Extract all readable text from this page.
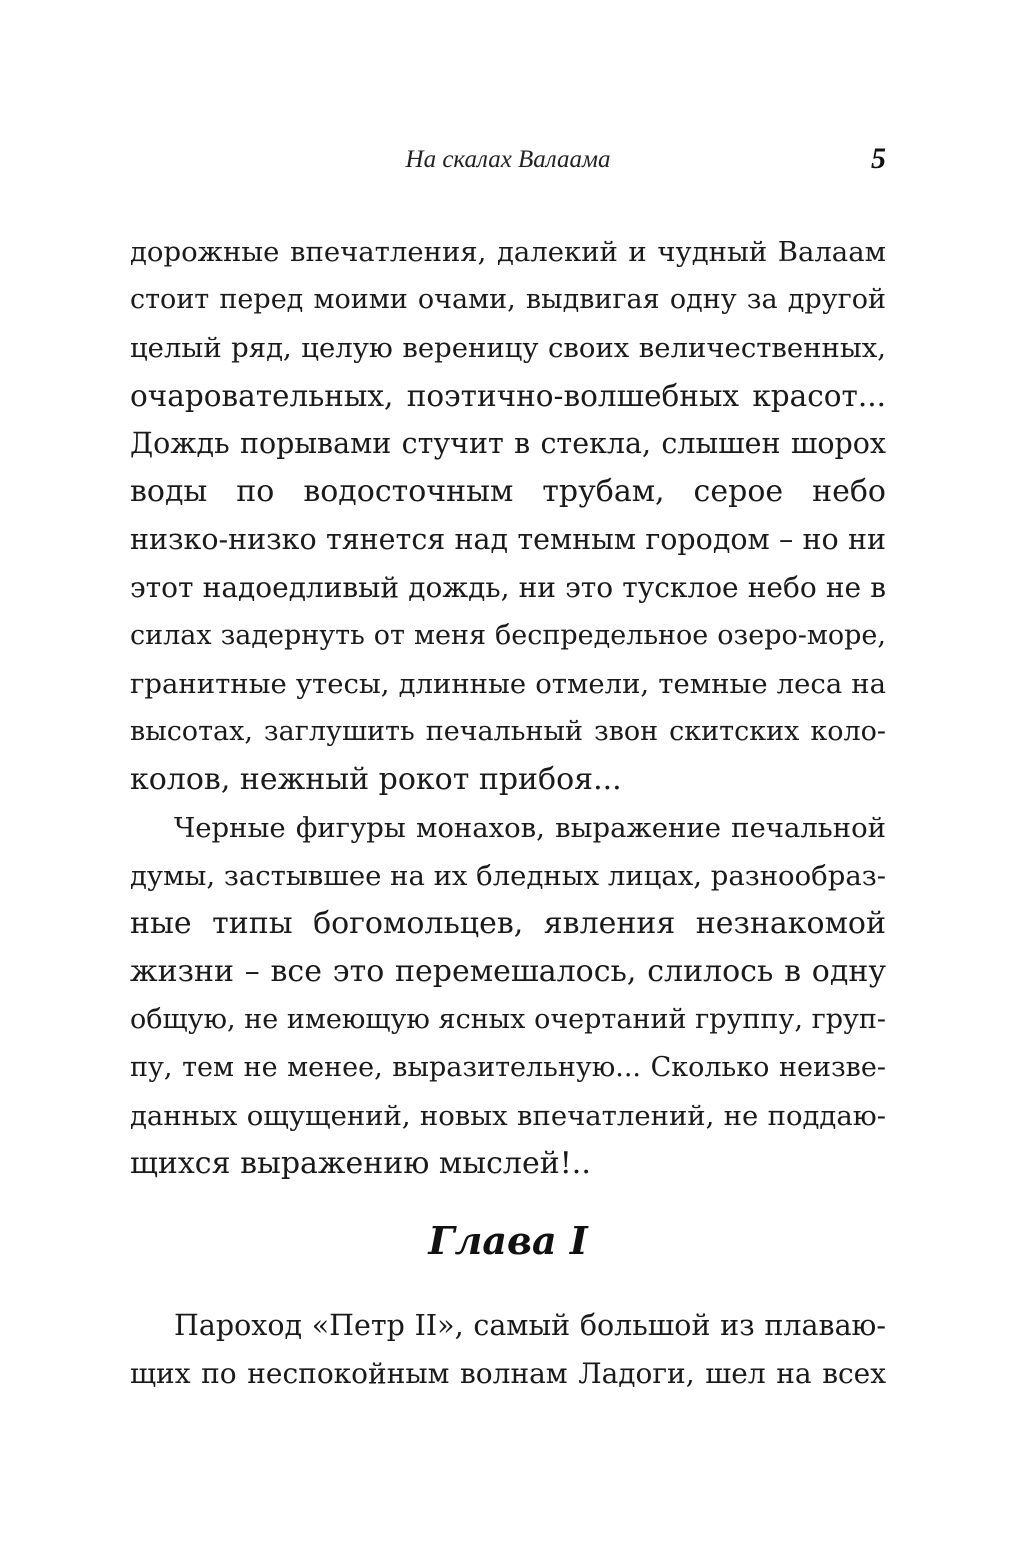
На скалах Валаама	5
дорожные впечатления, далекий и чудный Валаам
стоит перед моими очами, выдвигая одну за другой
целый ряд, целую вереницу своих величественных,
очаровательных, поэтично-волшебных красот...
Дождь порывами стучит в стекла, слышен шорох
воды по водосточным трубам, серое небо
низко-низко тянется над темным городом – но ни
этот надоедливый дождь, ни это тусклое небо не в
силах задернуть от меня беспредельное озеро-море,
гранитные утесы, длинные отмели, темные леса на
высотах, заглушить печальный звон скитских коло-
колов, нежный рокот прибоя...
Черные фигуры монахов, выражение печальной
думы, застывшее на их бледных лицах, разнообраз-
ные типы богомольцев, явления незнакомой
жизни – все это перемешалось, слилось в одну
общую, не имеющую ясных очертаний группу, груп-
пу, тем не менее, выразительную... Сколько неизве-
данных ощущений, новых впечатлений, не поддаю-
щихся выражению мыслей!..
Глава I
Пароход «Петр II», самый большой из плаваю-
щих по неспокойным волнам Ладоги, шел на всех
